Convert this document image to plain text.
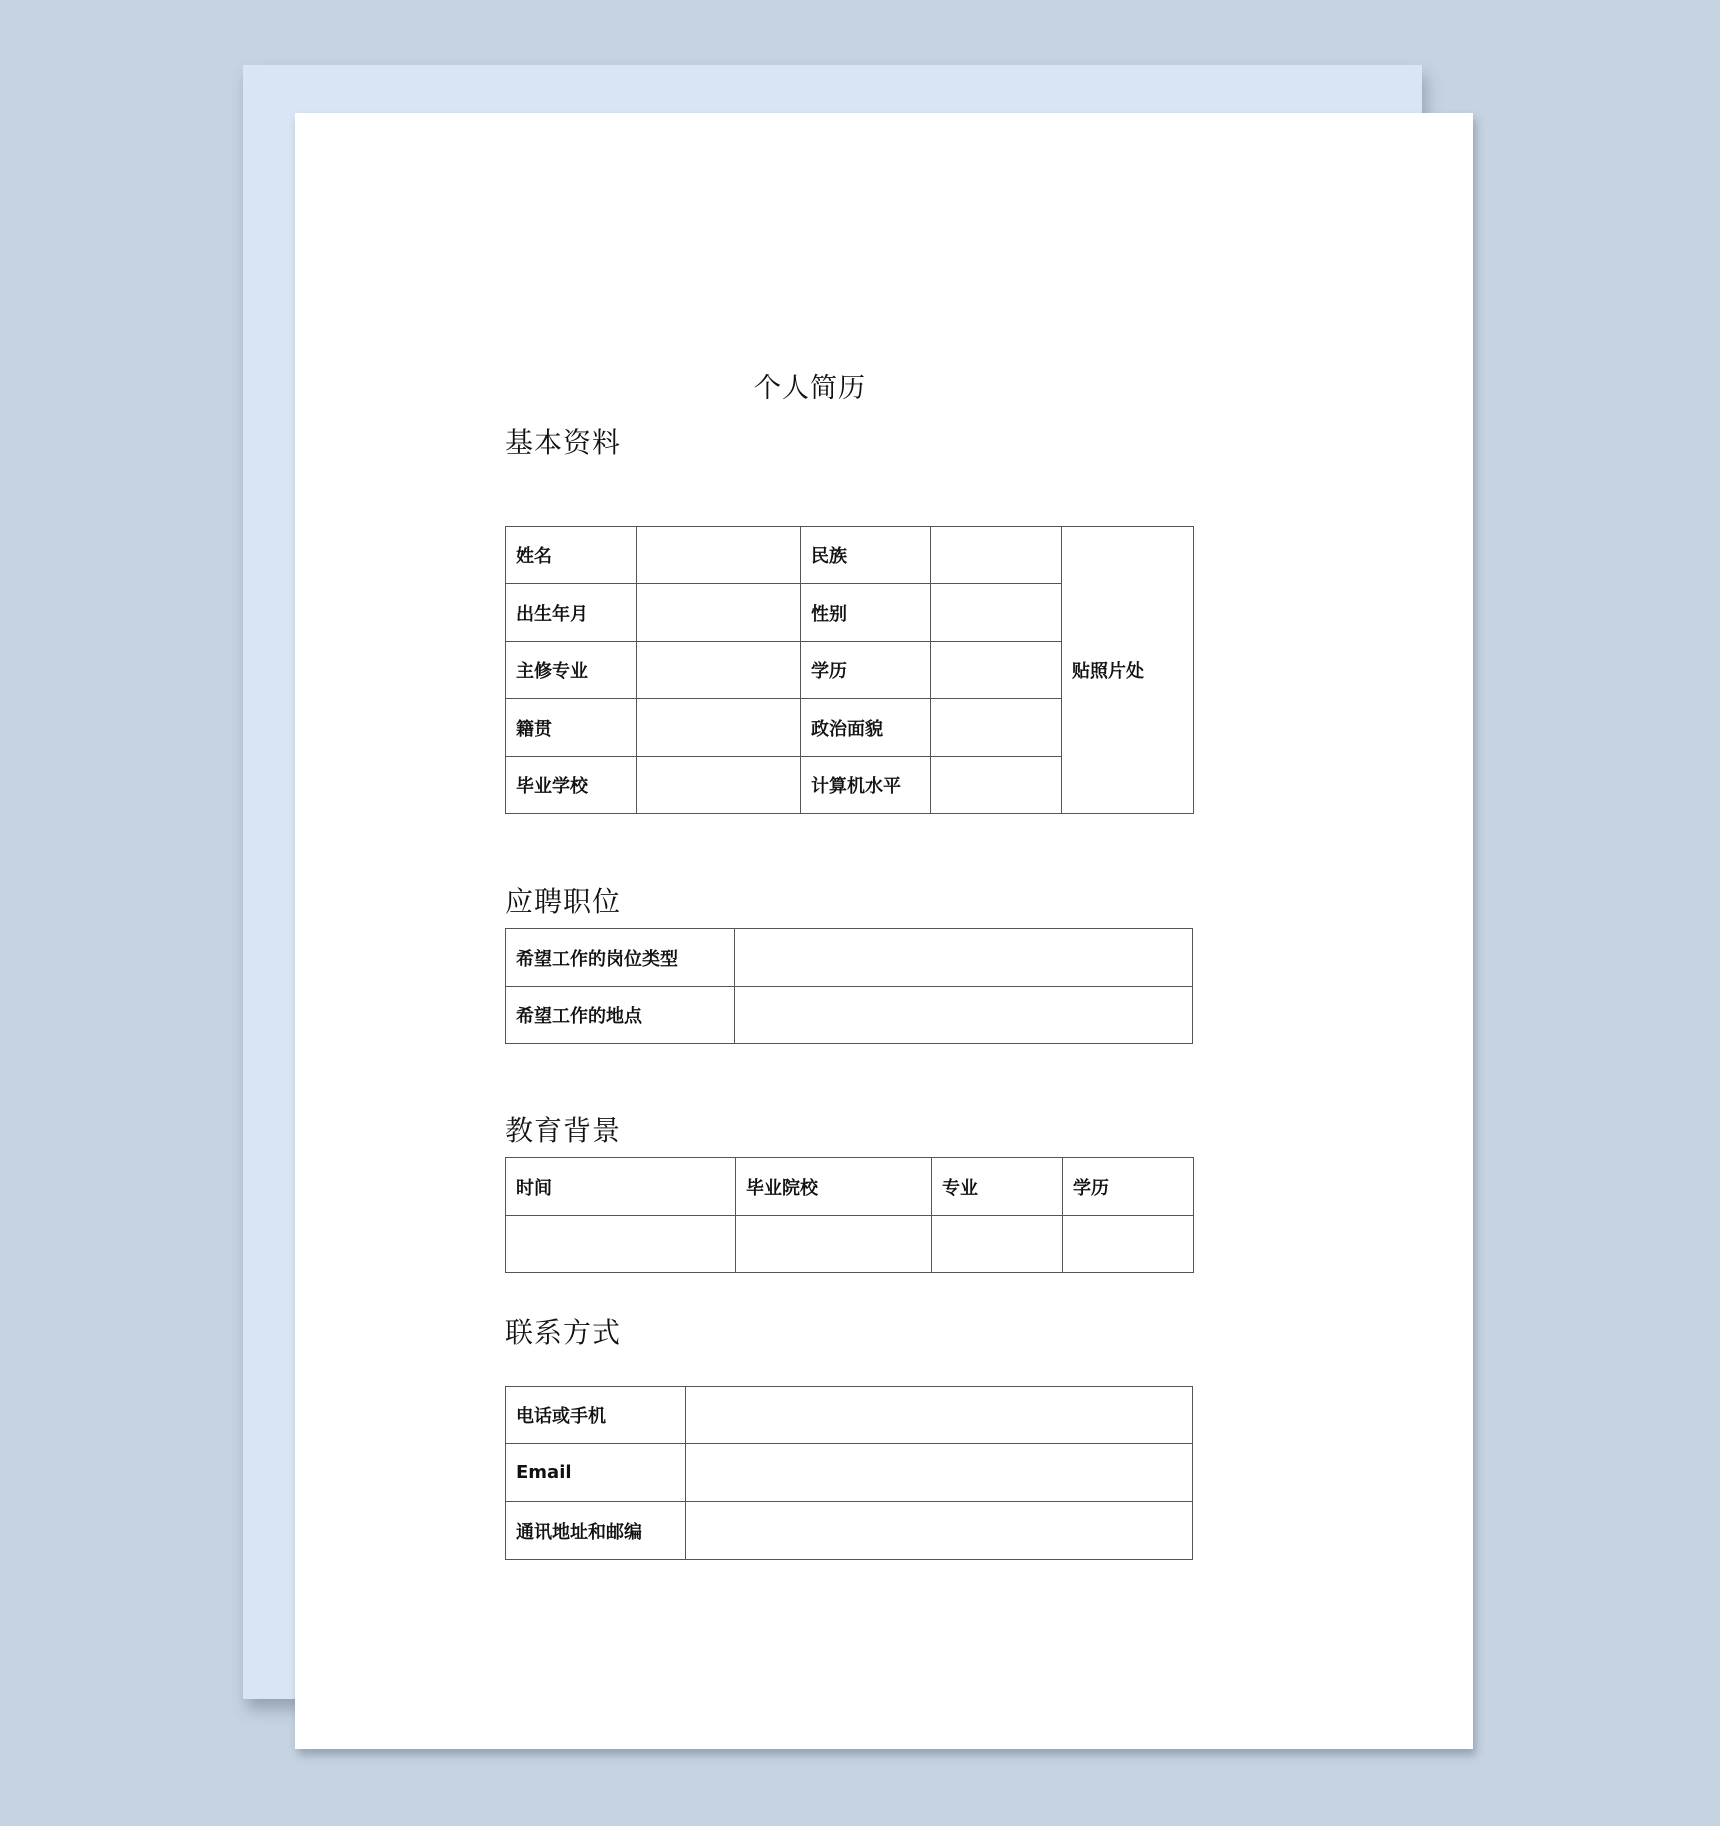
个人简历
基本资料
姓名		民族		贴照片处
出生年月		性别		
主修专业		学历		
籍贯		政治面貌		
毕业学校		计算机水平		
应聘职位
希望工作的岗位类型	
希望工作的地点	
教育背景
时间	毕业院校	专业	学历

联系方式
电话或手机	
Email	
通讯地址和邮编	
